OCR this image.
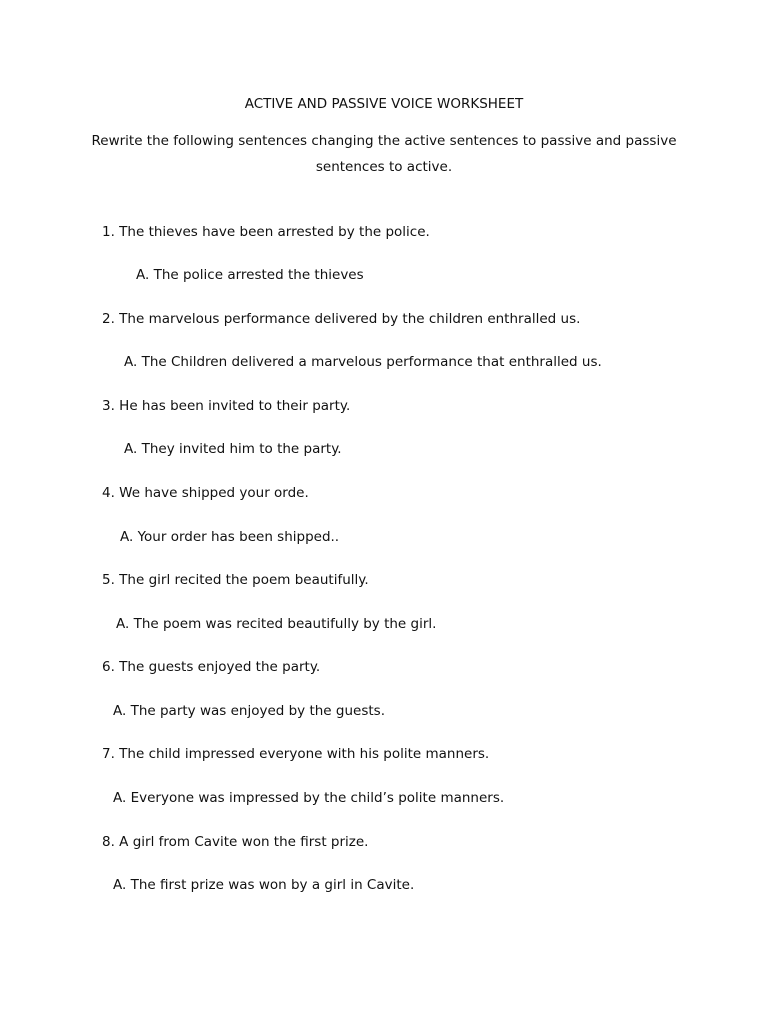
ACTIVE AND PASSIVE VOICE WORKSHEET
Rewrite the following sentences changing the active sentences to passive and passive sentences to active.
1. The thieves have been arrested by the police.
A. The police arrested the thieves
2. The marvelous performance delivered by the children enthralled us.
A. The Children delivered a marvelous performance that enthralled us.
3. He has been invited to their party.
A. They invited him to the party.
4. We have shipped your orde.
A. Your order has been shipped..
5. The girl recited the poem beautifully.
A. The poem was recited beautifully by the girl.
6. The guests enjoyed the party.
A. The party was enjoyed by the guests.
7. The child impressed everyone with his polite manners.
A. Everyone was impressed by the child’s polite manners.
8. A girl from Cavite won the first prize.
A. The first prize was won by a girl in Cavite.
